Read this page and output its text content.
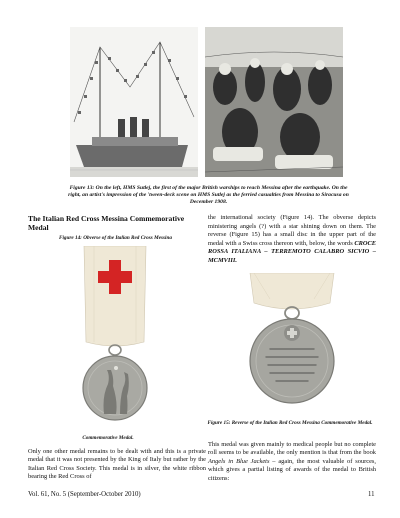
Figure 13: On the left, HMS Sutlej, the first of the major British warships to reach Messina after the earthquake. On the right, an artist's impression of the 'tween-deck scene on HMS Sutlej as the ferried casualties from Messina to Siracusa on December 1908.
The Italian Red Cross Messina Commemorative Medal
Figure 14: Obverse of the Italian Red Cross Messina
Commemorative Medal.
Only one other medal remains to be dealt with and this is a private medal that it was not presented by the King of Italy but rather by the Italian Red Cross Society. This medal is in silver, the white ribbon bearing the Red Cross of
the international society (Figure 14). The obverse depicts ministering angels (?) with a star shining down on them. The reverse (Figure 15) has a small disc in the upper part of the medal with a Swiss cross thereon with, below, the words CROCE ROSSA ITALIANA – TERREMOTO CALABRO SICVIO – MCMVIII.
Figure 15: Reverse of the Italian Red Cross Messina Commemorative Medal.
This medal was given mainly to medical people but no complete roll seems to be available, the only mention is that from the book Angels in Blue Jackets – again, the most valuable of sources, which gives a partial listing of awards of the medal to British citizens:
Vol. 61, No. 5 (September-October 2010)	11
